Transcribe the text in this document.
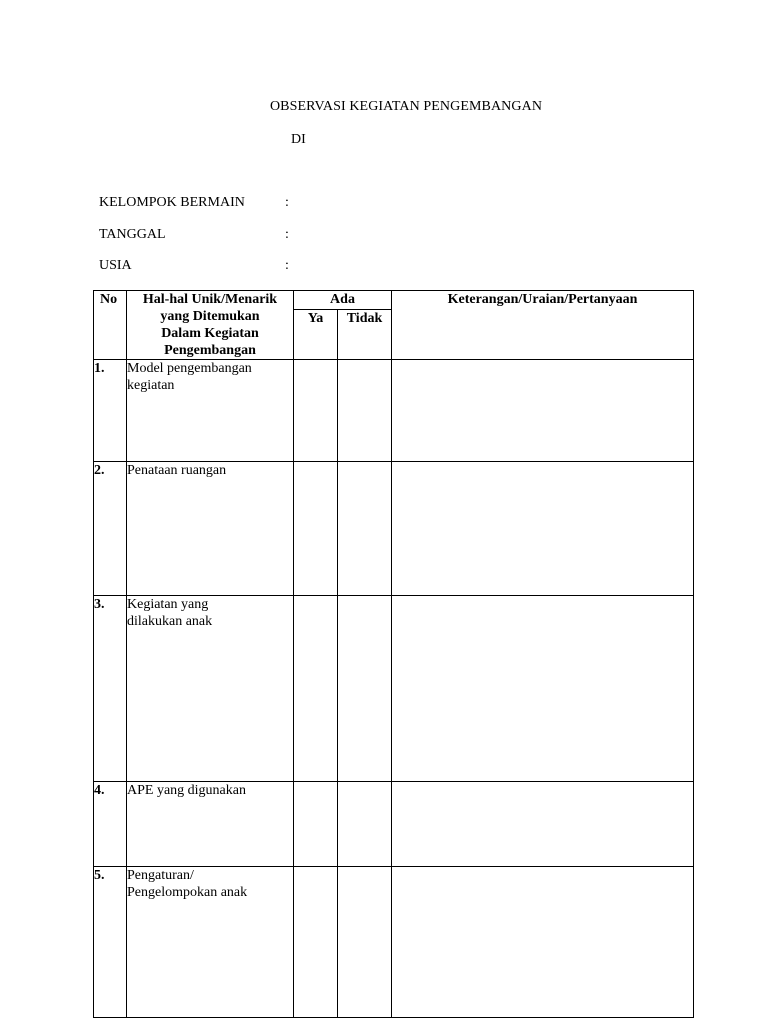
OBSERVASI KEGIATAN PENGEMBANGAN
DI
KELOMPOK BERMAIN	:
TANGGAL	:
USIA	:
No	Hal-hal Unik/Menarik
yang Ditemukan
Dalam Kegiatan
Pengembangan	Ada		Keterangan/Uraian/Pertanyaan
		Ya	Tidak	
1.	Model pengembangan
kegiatan			

2.	Penataan ruangan			

3.	Kegiatan yang
dilakukan anak			

4.	APE yang digunakan			

5.	Pengaturan/
Pengelompokan anak			
